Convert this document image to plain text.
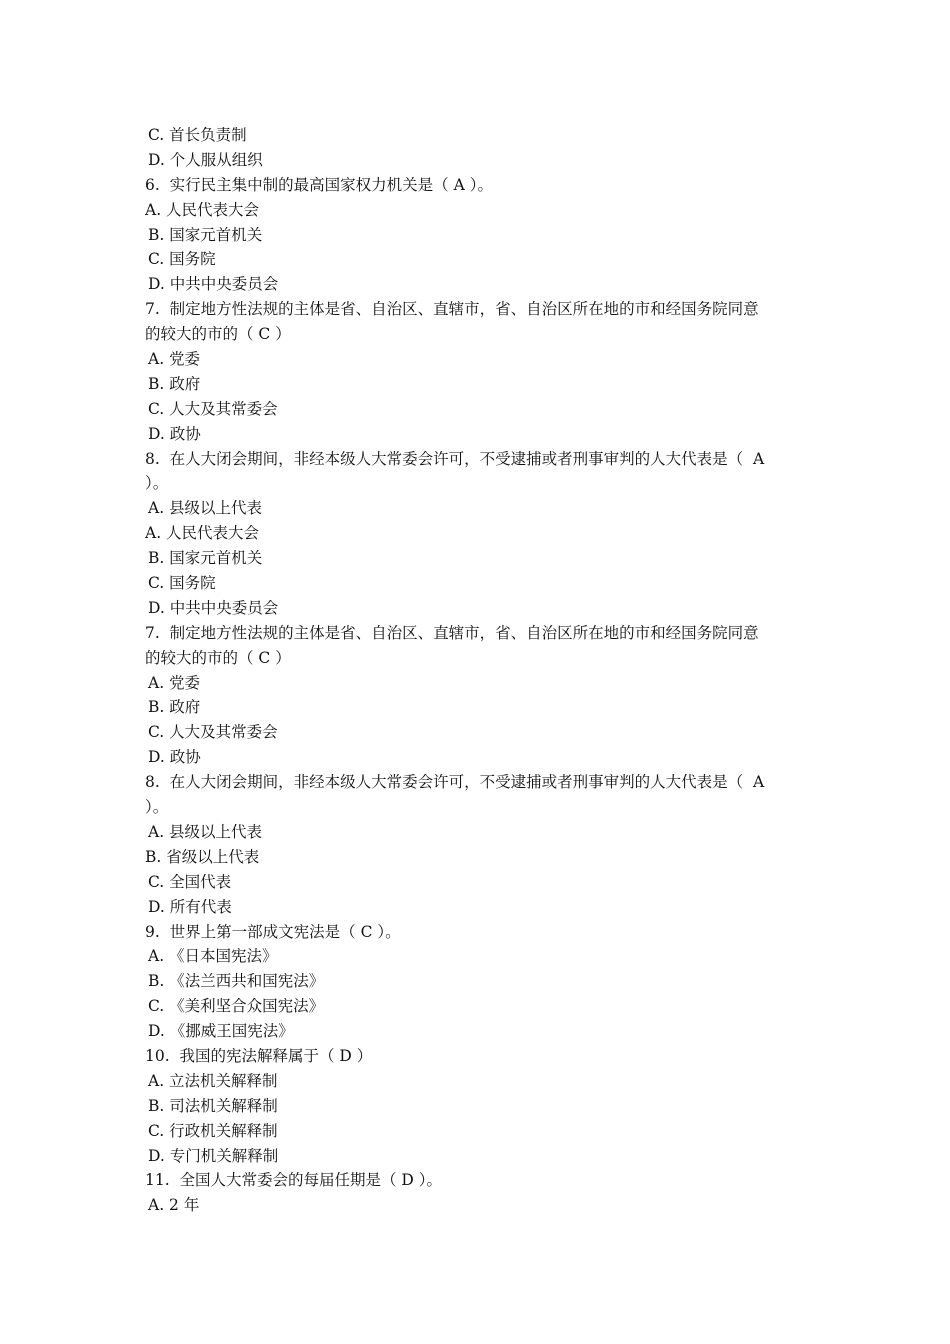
C. 首长负责制
D. 个人服从组织
6.  实行民主集中制的最高国家权力机关是（ A ）。
A. 人民代表大会
B. 国家元首机关
C. 国务院
D. 中共中央委员会
7.  制定地方性法规的主体是省、自治区、直辖市，省、自治区所在地的市和经国务院同意
的较大的市的（ C ）
A. 党委
B. 政府
C. 人大及其常委会
D. 政协
8.  在人大闭会期间，非经本级人大常委会许可，不受逮捕或者刑事审判的人大代表是（  A
）。
A. 县级以上代表
A. 人民代表大会
B. 国家元首机关
C. 国务院
D. 中共中央委员会
7.  制定地方性法规的主体是省、自治区、直辖市，省、自治区所在地的市和经国务院同意
的较大的市的（ C ）
A. 党委
B. 政府
C. 人大及其常委会
D. 政协
8.  在人大闭会期间，非经本级人大常委会许可，不受逮捕或者刑事审判的人大代表是（  A
）。
A. 县级以上代表
B. 省级以上代表
C. 全国代表
D. 所有代表
9.  世界上第一部成文宪法是（ C ）。
A. 《日本国宪法》
B. 《法兰西共和国宪法》
C. 《美利坚合众国宪法》
D. 《挪威王国宪法》
10.  我国的宪法解释属于（ D ）
A. 立法机关解释制
B. 司法机关解释制
C. 行政机关解释制
D. 专门机关解释制
11.  全国人大常委会的每届任期是（ D ）。
A. 2 年
